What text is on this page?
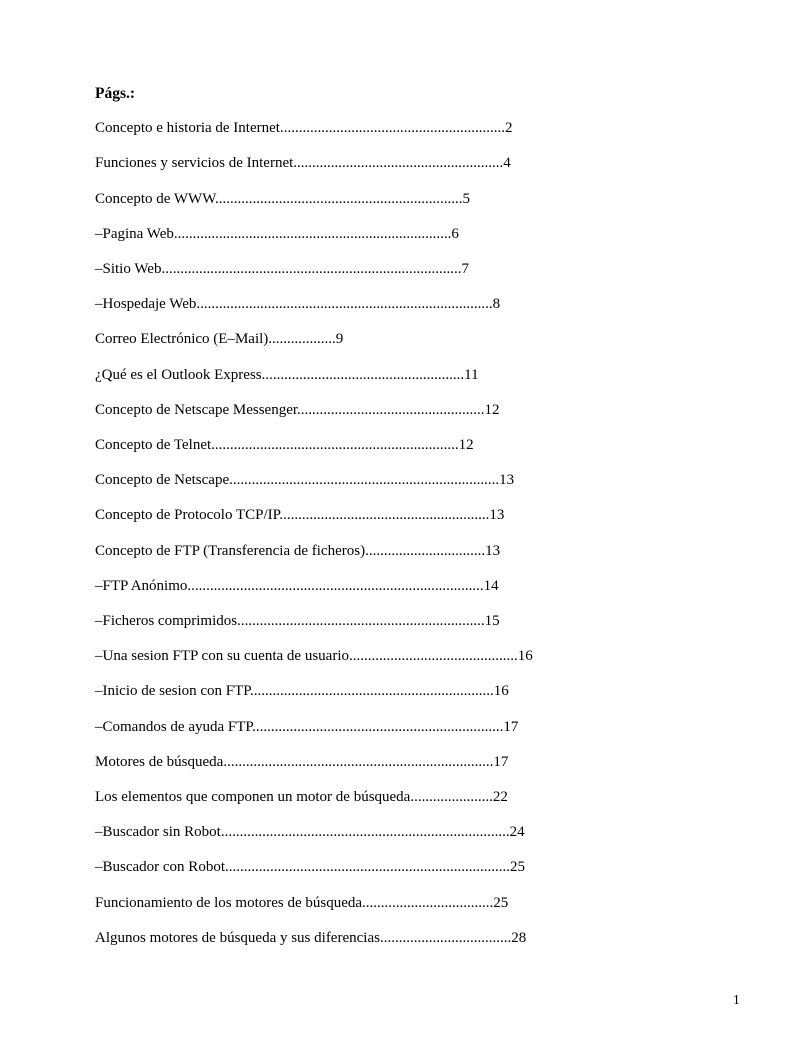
Págs.:
Concepto e historia de Internet............................................................2
Funciones y servicios de Internet........................................................4
Concepto de WWW..................................................................5
–Pagina Web..........................................................................6
–Sitio Web................................................................................7
–Hospedaje Web...............................................................................8
Correo Electrónico (E–Mail)..................9
¿Qué es el Outlook Express......................................................11
Concepto de Netscape Messenger..................................................12
Concepto de Telnet..................................................................12
Concepto de Netscape........................................................................13
Concepto de Protocolo TCP/IP........................................................13
Concepto de FTP (Transferencia de ficheros)................................13
–FTP Anónimo...............................................................................14
–Ficheros comprimidos..................................................................15
–Una sesion FTP con su cuenta de usuario.............................................16
–Inicio de sesion con FTP.................................................................16
–Comandos de ayuda FTP...................................................................17
Motores de búsqueda........................................................................17
Los elementos que componen un motor de búsqueda......................22
–Buscador sin Robot.............................................................................24
–Buscador con Robot............................................................................25
Funcionamiento de los motores de búsqueda...................................25
Algunos motores de búsqueda y sus diferencias...................................28
1
